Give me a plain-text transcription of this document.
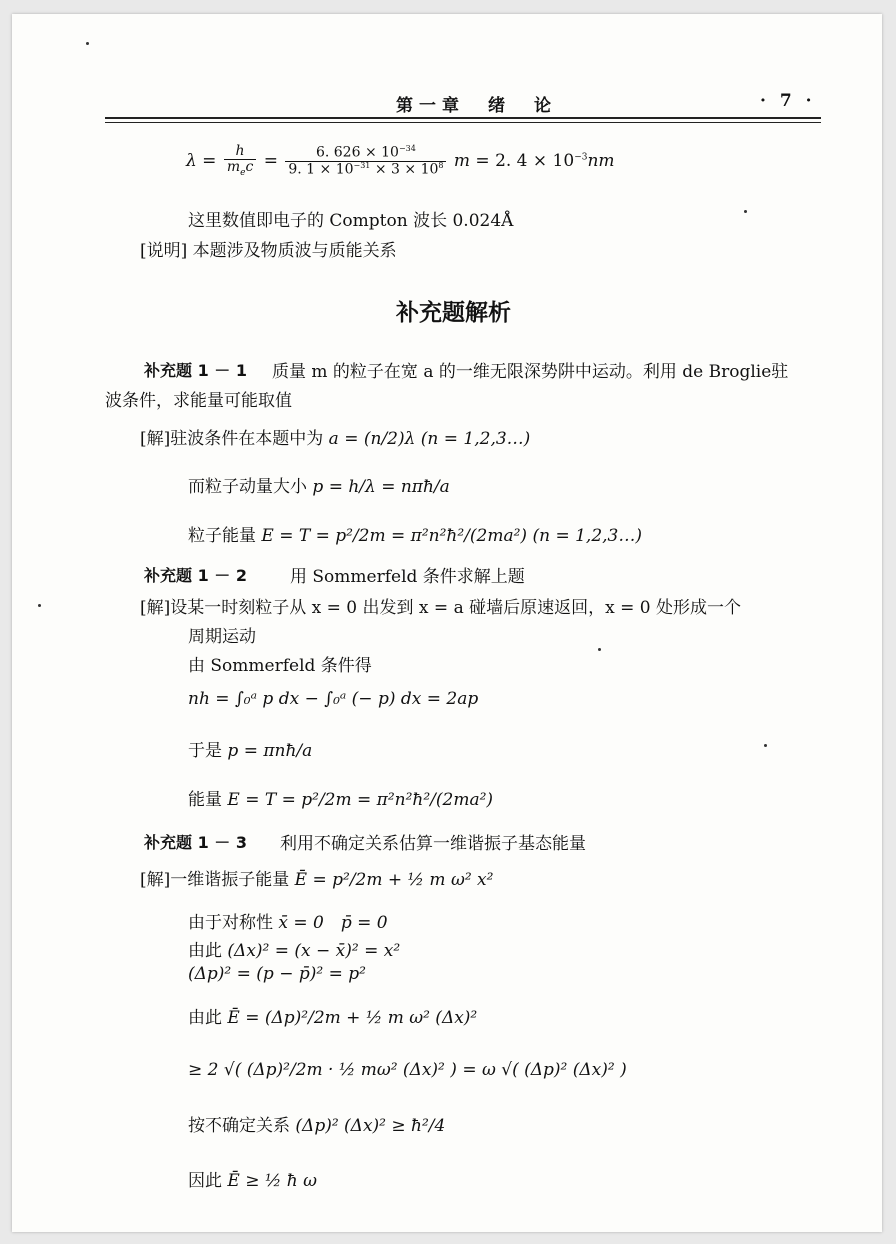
第一章　绪　论	· 7 ·
$\lambda = \frac{h}{m_ec} = \frac{6. 626 \times 10^{-34}}{9. 1 \times 10^{-31} \times 3 \times 10^8}$ m = 2. $4 \times 10^{-3}nm$
这里数值即电子的 Compton 波长 0.024Å
[说明] 本题涉及物质波与质能关系
补充题解析
补充题 1 － 1 质量 m 的粒子在宽 a 的一维无限深势阱中运动。利用 de Broglie驻
波条件，求能量可能取值
[解]驻波条件在本题中为 a = (n/2)λ (n = 1,2,3…)
而粒子动量大小 p = h/λ = nπħ/a
粒子能量 E = T = p²/2m = π²n²ħ²/(2ma²) (n = 1,2,3…)
补充题 1 － 2	用 Sommerfeld 条件求解上题
[解]设某一时刻粒子从 x = 0 出发到 x = a 碰墙后原速返回，x = 0 处形成一个
周期运动
由 Sommerfeld 条件得
nh = ∫₀ᵃ p dx − ∫₀ᵃ (− p) dx = 2ap
于是 p = πnħ/a
能量 E = T = p²/2m = π²n²ħ²/(2ma²)
补充题 1 － 3 利用不确定关系估算一维谐振子基态能量
[解]一维谐振子能量 Ē = p²/2m + ½ m ω² x²
由于对称性 x̄ = 0　p̄ = 0
由此 (Δx)² = (x − x̄)² = x²
(Δp)² = (p − p̄)² = p²
由此 Ē = (Δp)²/2m + ½ m ω² (Δx)²
≥ 2 √( (Δp)²/2m · ½ mω² (Δx)² ) = ω √( (Δp)² (Δx)² )
按不确定关系 (Δp)² (Δx)² ≥ ħ²/4
因此 Ē ≥ ½ ħ ω
